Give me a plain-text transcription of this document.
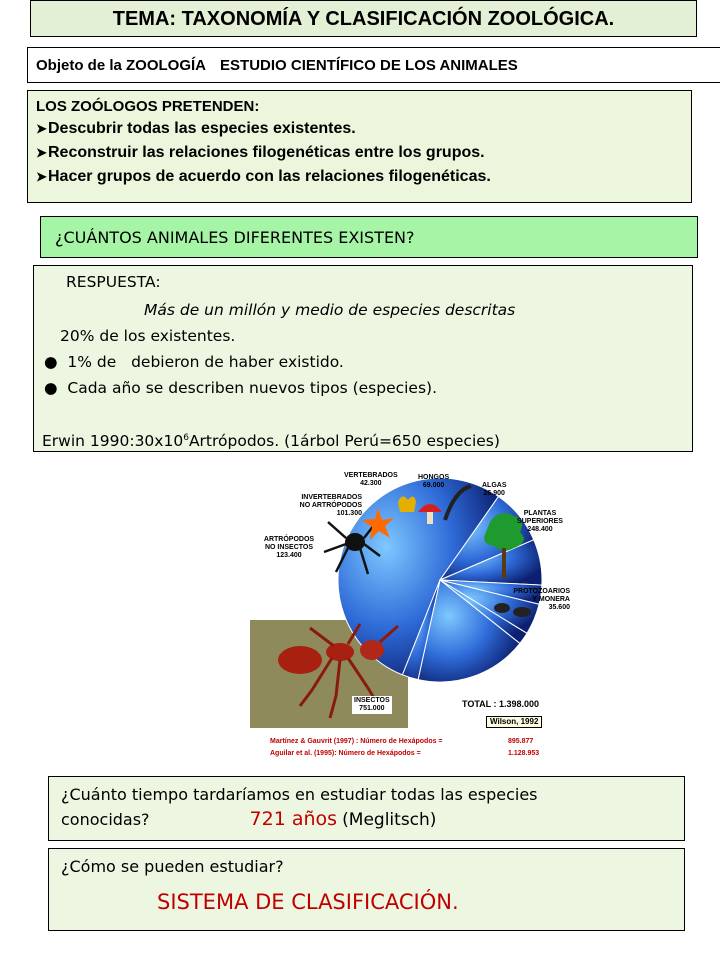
TEMA: TAXONOMÍA Y CLASIFICACIÓN ZOOLÓGICA.
Objeto de la ZOOLOGÍA ESTUDIO CIENTÍFICO DE LOS ANIMALES
LOS ZOÓLOGOS PRETENDEN:
➤Descubrir todas las especies existentes.
➤Reconstruir las relaciones filogenéticas entre los grupos.
➤Hacer grupos de acuerdo con las relaciones filogenéticas.
¿CUÁNTOS ANIMALES DIFERENTES EXISTEN?
RESPUESTA:
Más de un millón y medio de especies descritas
20% de los existentes.
● 1% de   debieron de haber existido.
● Cada año se describen nuevos tipos (especies).
Erwin $1990:30x10^6Artrópodos$. (1árbol Perú=650 especies)
VERTEBRADOS
42.300
HONGOS
69.000	ALGAS
26.900
INVERTEBRADOS NO ARTRÓPODOS
101.300	PLANTAS SUPERIORES
248.400
ARTRÓPODOS NO INSECTOS
123.400
PROTOZOARIOS Y MONERA
35.600
INSECTOS
751.000	TOTAL : 1.398.000
Wilson, 1992
Martínez & Gauvrit (1997) : Número de Hexápodos =	895.877
Aguilar et al. (1995): Número de Hexápodos =	1.128.953
¿Cuánto tiempo tardaríamos en estudiar todas las especies
conocidas?	721 años (Meglitsch)
¿Cómo se pueden estudiar?
SISTEMA DE CLASIFICACIÓN.
